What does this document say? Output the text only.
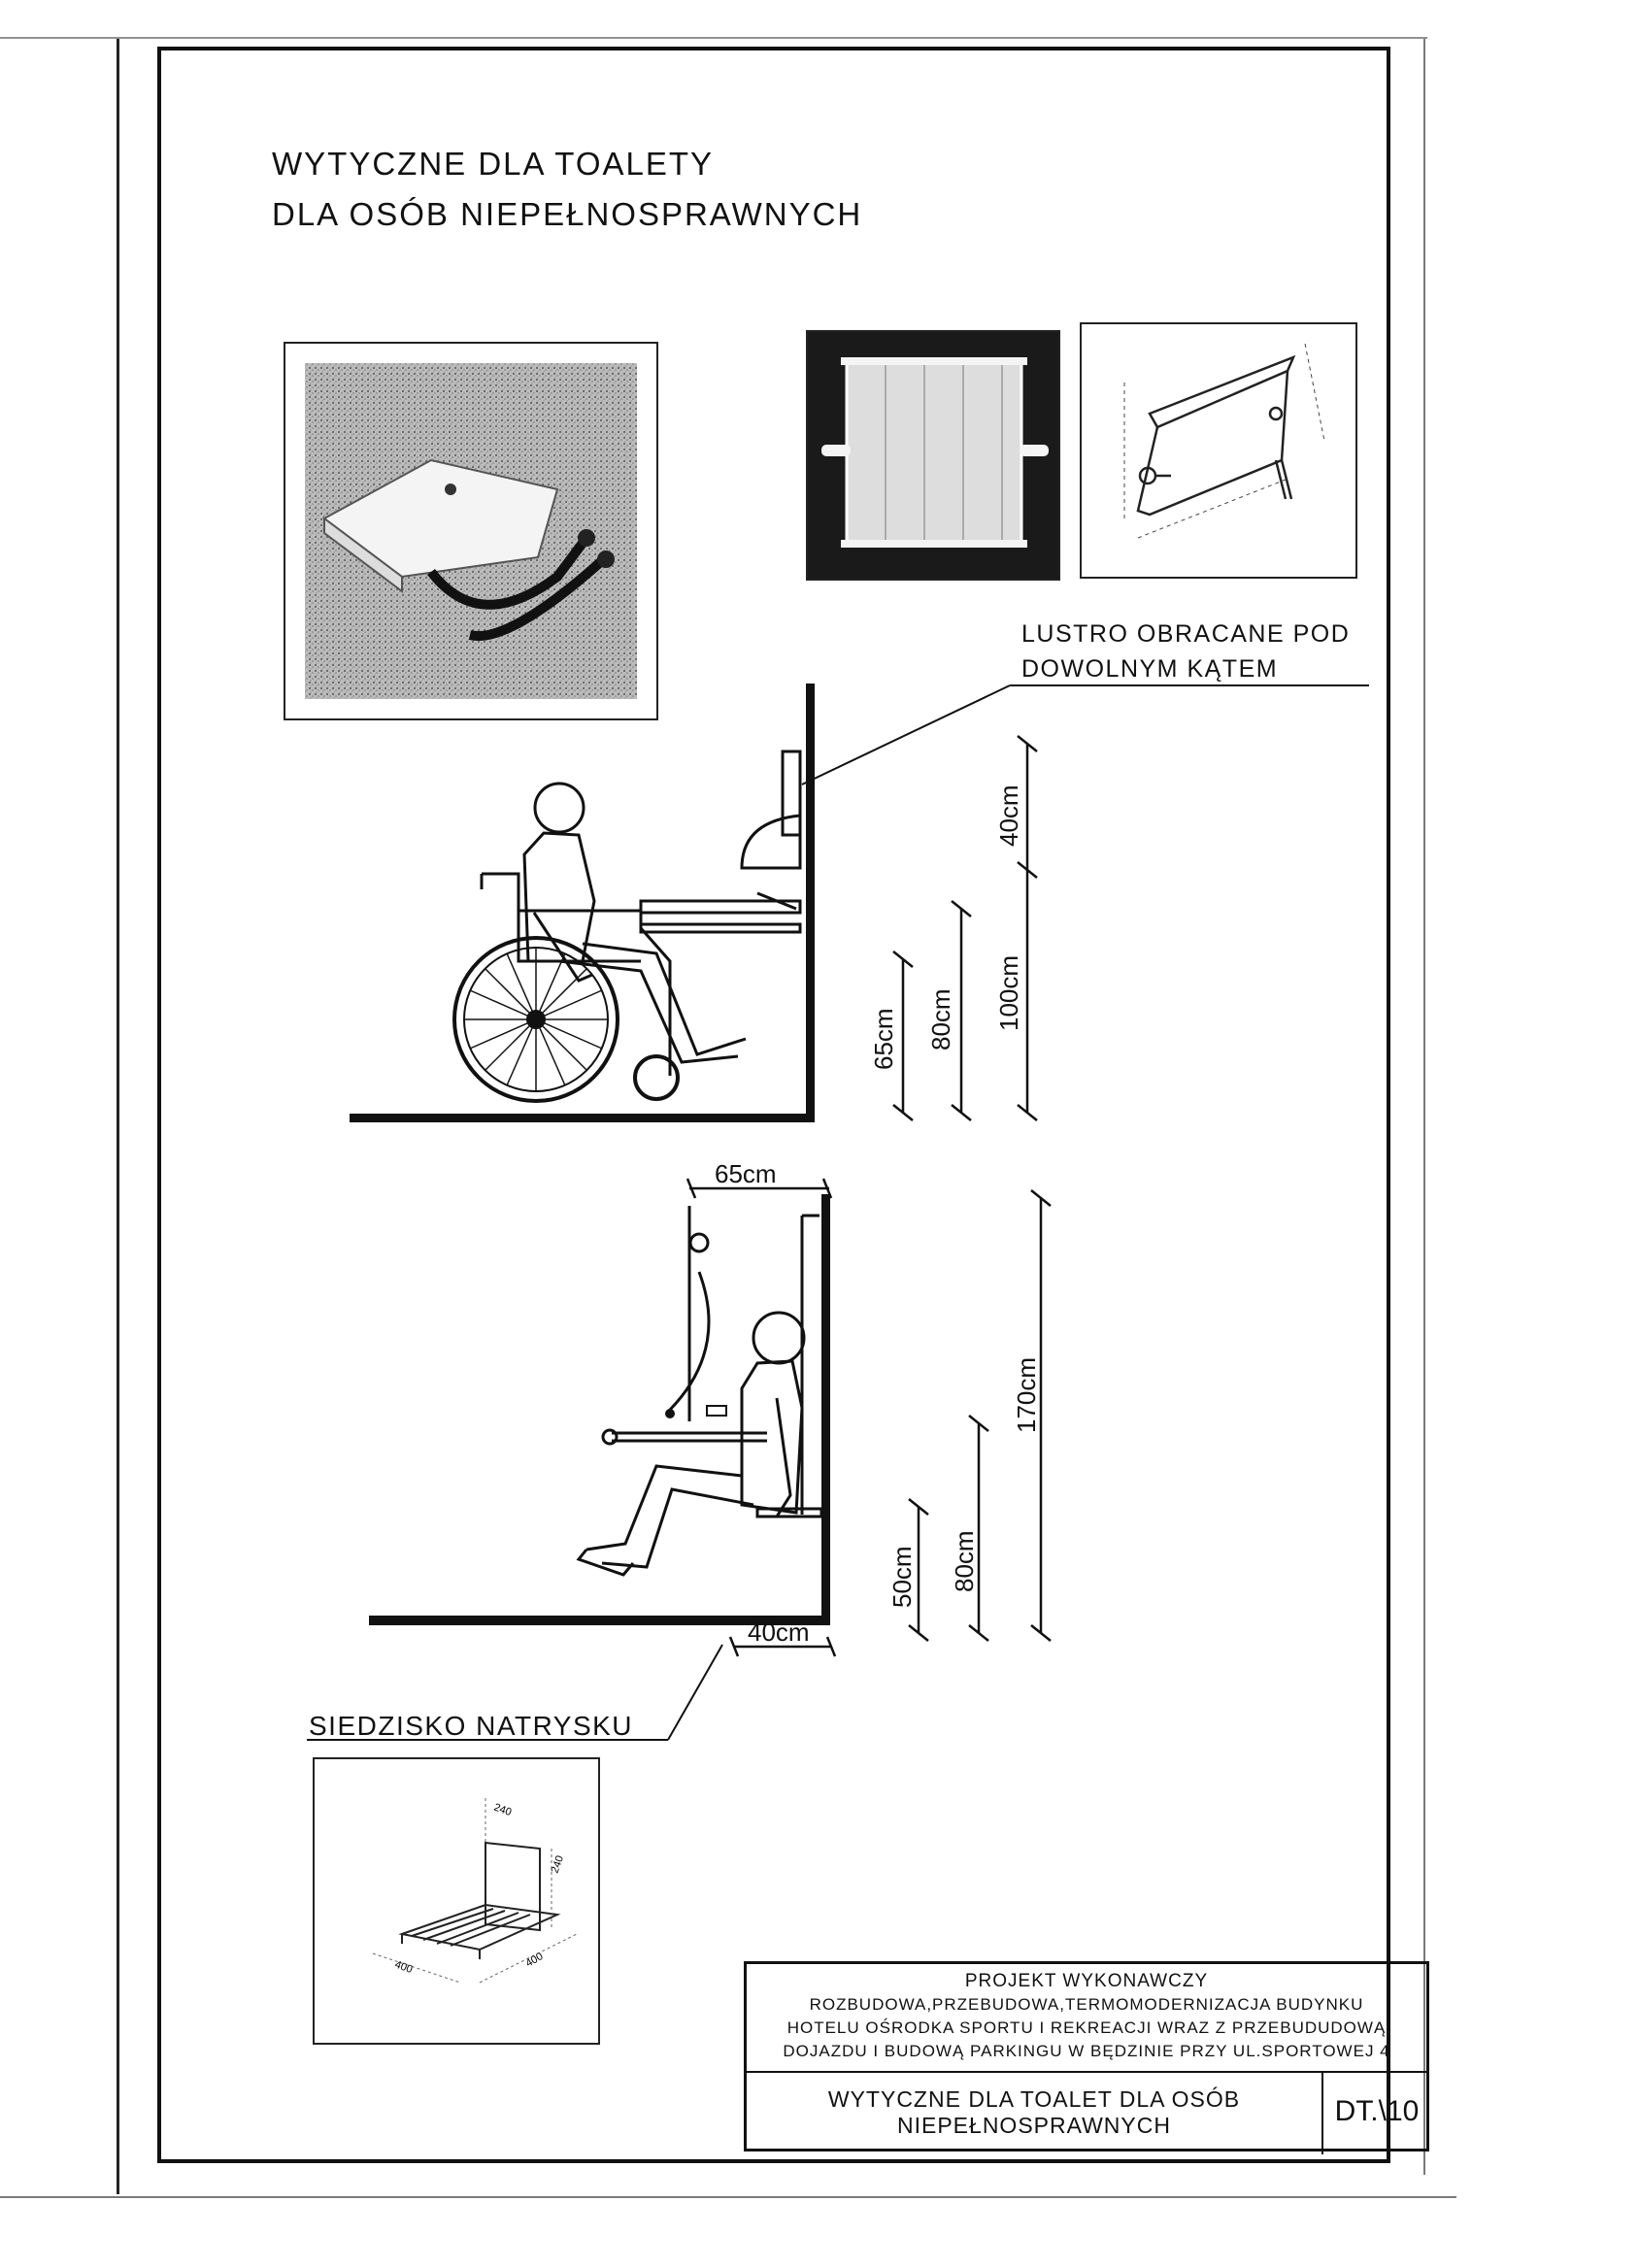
WYTYCZNE DLA TOALETY
DLA OSÓB NIEPEŁNOSPRAWNYCH
LUSTRO OBRACANE POD
DOWOLNYM KĄTEM
65cm 80cm 100cm
40cm
65cm
40cm
50cm 80cm
170cm
SIEDZISKO NATRYSKU
240
240
400	400
PROJEKT WYKONAWCZY
ROZBUDOWA,PRZEBUDOWA,TERMOMODERNIZACJA BUDYNKU
HOTELU OŚRODKA SPORTU I REKREACJI WRAZ Z PRZEBUDUDOWĄ
DOJAZDU I BUDOWĄ PARKINGU W BĘDZINIE PRZY UL.SPORTOWEJ 4
WYTYCZNE DLA TOALET DLA OSÓB
NIEPEŁNOSPRAWNYCH	DT.\10
